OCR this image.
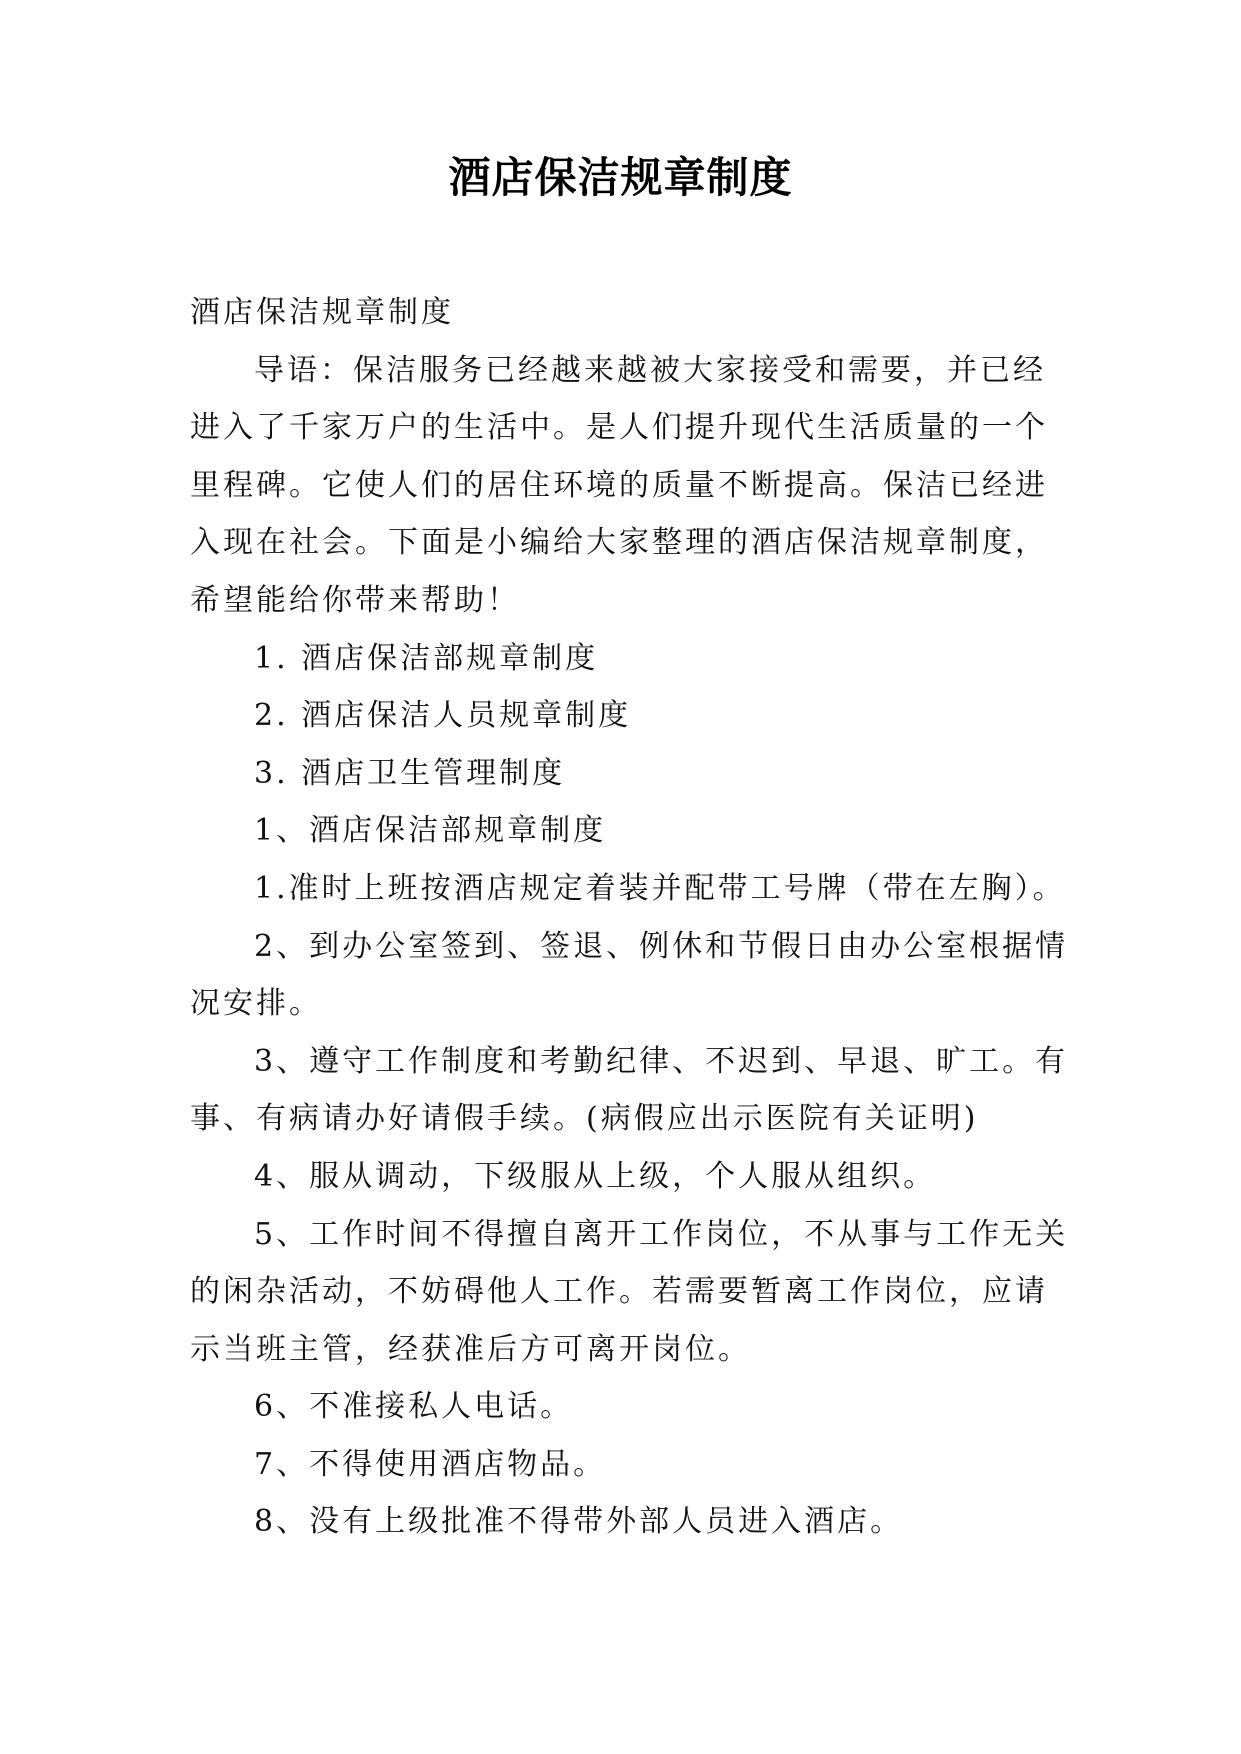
酒店保洁规章制度

酒店保洁规章制度

导语：保洁服务已经越来越被大家接受和需要，并已经进入了千家万户的生活中。是人们提升现代生活质量的一个里程碑。它使人们的居住环境的质量不断提高。保洁已经进入现在社会。下面是小编给大家整理的酒店保洁规章制度，希望能给你带来帮助！

1. 酒店保洁部规章制度

2. 酒店保洁人员规章制度

3. 酒店卫生管理制度

1、酒店保洁部规章制度

1.准时上班按酒店规定着装并配带工号牌（带在左胸）。

2、到办公室签到、签退、例休和节假日由办公室根据情况安排。

3、遵守工作制度和考勤纪律、不迟到、早退、旷工。有事、有病请办好请假手续。(病假应出示医院有关证明)

4、服从调动，下级服从上级，个人服从组织。

5、工作时间不得擅自离开工作岗位，不从事与工作无关的闲杂活动，不妨碍他人工作。若需要暂离工作岗位，应请示当班主管，经获准后方可离开岗位。

6、不准接私人电话。

7、不得使用酒店物品。

8、没有上级批准不得带外部人员进入酒店。
